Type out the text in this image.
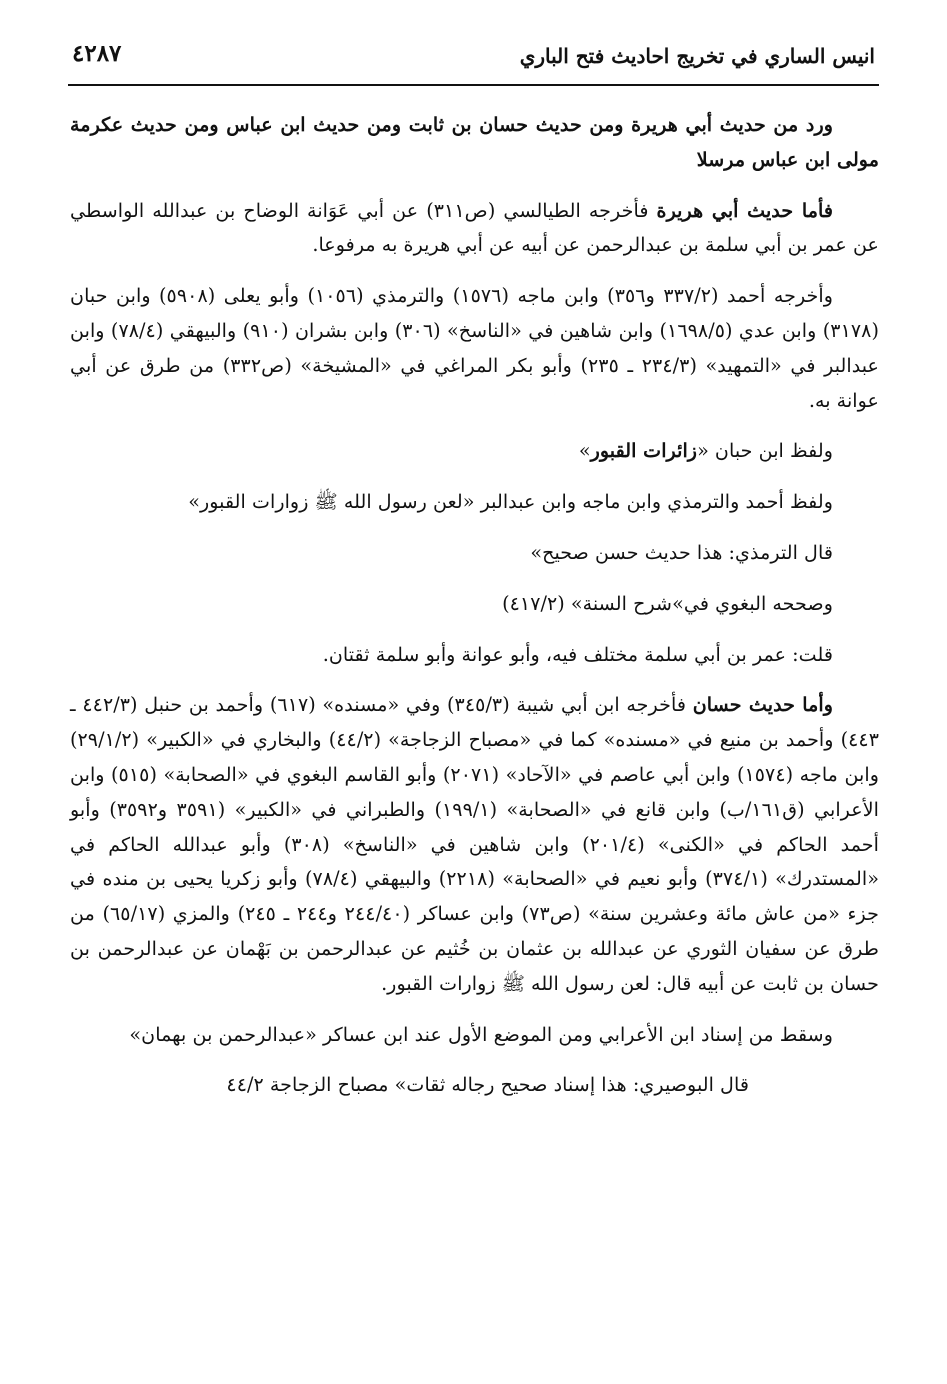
انيس الساري في تخريج احاديث فتح الباري
٤٢٨٧

ورد من حديث أبي هريرة ومن حديث حسان بن ثابت ومن حديث ابن عباس ومن حديث عكرمة مولى ابن عباس مرسلا

فأما حديث أبي هريرة فأخرجه الطيالسي (ص٣١١) عن أبي عَوَانة الوضاح بن عبدالله الواسطي عن عمر بن أبي سلمة بن عبدالرحمن عن أبيه عن أبي هريرة به مرفوعا.

وأخرجه أحمد (٣٣٧/٢ و٣٥٦) وابن ماجه (١٥٧٦) والترمذي (١٠٥٦) وأبو يعلى (٥٩٠٨) وابن حبان (٣١٧٨) وابن عدي (١٦٩٨/٥) وابن شاهين في «الناسخ» (٣٠٦) وابن بشران (٩١٠) والبيهقي (٧٨/٤) وابن عبدالبر في «التمهيد» (٢٣٤/٣ ـ ٢٣٥) وأبو بكر المراغي في «المشيخة» (ص٣٣٢) من طرق عن أبي عوانة به.

ولفظ ابن حبان «زائرات القبور»

ولفظ أحمد والترمذي وابن ماجه وابن عبدالبر «لعن رسول الله ﷺ زوارات القبور»

قال الترمذي: هذا حديث حسن صحيح»

وصححه البغوي في»شرح السنة» (٤١٧/٢)

قلت: عمر بن أبي سلمة مختلف فيه، وأبو عوانة وأبو سلمة ثقتان.

وأما حديث حسان فأخرجه ابن أبي شيبة (٣٤٥/٣) وفي «مسنده» (٦١٧) وأحمد بن حنبل (٤٤٢/٣ ـ ٤٤٣) وأحمد بن منيع في «مسنده» كما في «مصباح الزجاجة» (٤٤/٢) والبخاري في «الكبير» (٢٩/١/٢) وابن ماجه (١٥٧٤) وابن أبي عاصم في «الآحاد» (٢٠٧١) وأبو القاسم البغوي في «الصحابة» (٥١٥) وابن الأعرابي (ق١٦١/ب) وابن قانع في «الصحابة» (١٩٩/١) والطبراني في «الكبير» (٣٥٩١ و٣٥٩٢) وأبو أحمد الحاكم في «الكنى» (٢٠١/٤) وابن شاهين في «الناسخ» (٣٠٨) وأبو عبدالله الحاكم في «المستدرك» (٣٧٤/١) وأبو نعيم في «الصحابة» (٢٢١٨) والبيهقي (٧٨/٤) وأبو زكريا يحيى بن منده في جزء «من عاش مائة وعشرين سنة» (ص٧٣) وابن عساكر (٢٤٤/٤٠ و٢٤٤ ـ ٢٤٥) والمزي (٦٥/١٧) من طرق عن سفيان الثوري عن عبدالله بن عثمان بن خُثيم عن عبدالرحمن بن بَهْمان عن عبدالرحمن بن حسان بن ثابت عن أبيه قال: لعن رسول الله ﷺ زوارات القبور.

وسقط من إسناد ابن الأعرابي ومن الموضع الأول عند ابن عساكر «عبدالرحمن بن بهمان»

قال البوصيري: هذا إسناد صحيح رجاله ثقات» مصباح الزجاجة ٤٤/٢
